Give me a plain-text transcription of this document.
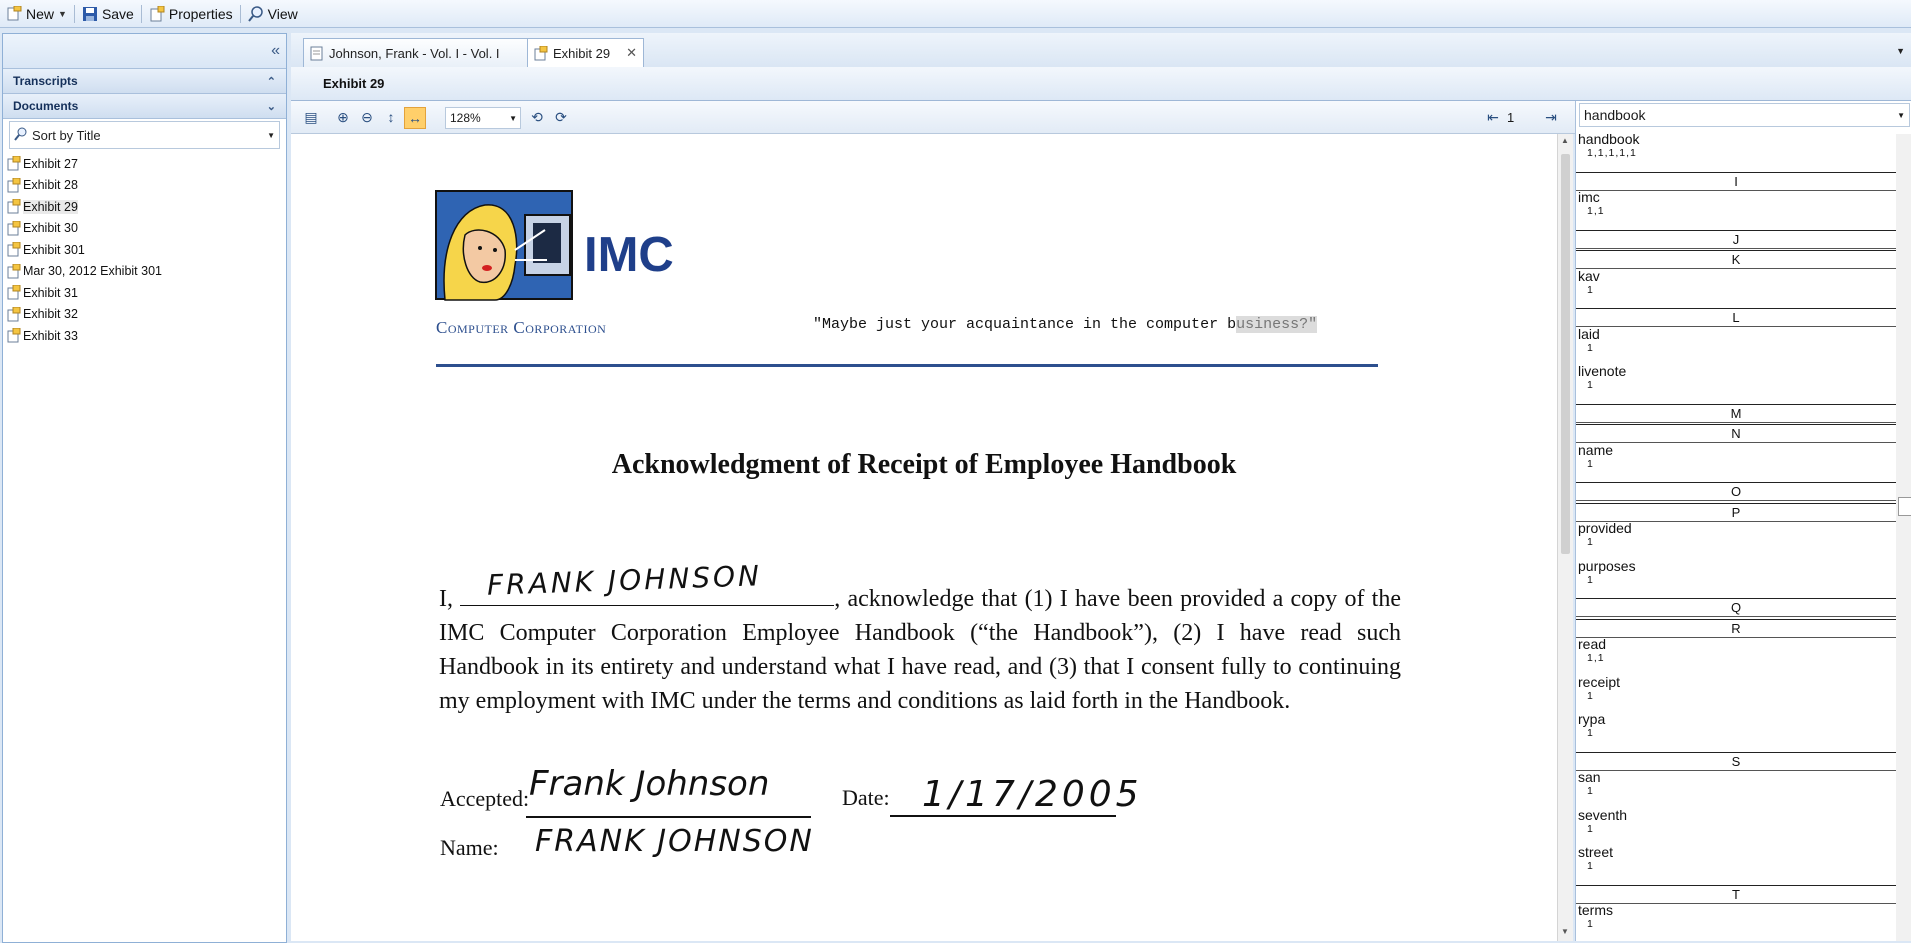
New ▼	Save	Properties	View
«
Transcripts	⌃
Documents	⌄
Sort by Title	▼
Exhibit 27
Exhibit 28
Exhibit 29
Exhibit 30
Exhibit 301
Mar 30, 2012 Exhibit 301
Exhibit 31
Exhibit 32
Exhibit 33
Johnson, Frank - Vol. I - Vol. I	Exhibit 29 ✕	▼
Exhibit 29
▤ ⊕ ⊖	↕ ↔	128%	▼ ⟲ ⟳	⇤ 1 ⇥
IMC
Computer Corporation	"Maybe just your acquaintance in the computer business?"
Acknowledgment of Receipt of Employee Handbook
I,	, acknowledge that (1) I have been provided a copy of the IMC Computer Corporation Employee Handbook (“the Handbook”), (2) I have read such Handbook in its entirety and understand what I have read, and (3) that I consent fully to continuing my employment with IMC under the terms and conditions as laid forth in the Handbook.
FRANK JOHNSON
Accepted: Frank Johnson	Date: 1/17/2005
Name: FRANK JOHNSON
▲
▼
handbook	▼
handbook
1,1,1,1,1
I
imc
1,1
J
K
kav
1
L
laid
1
livenote
1
M
N
name
1
O
P
provided
1
purposes
1
Q
R
read
1,1
receipt
1
rypa
1
S
san
1
seventh
1
street
1
T
terms
1
